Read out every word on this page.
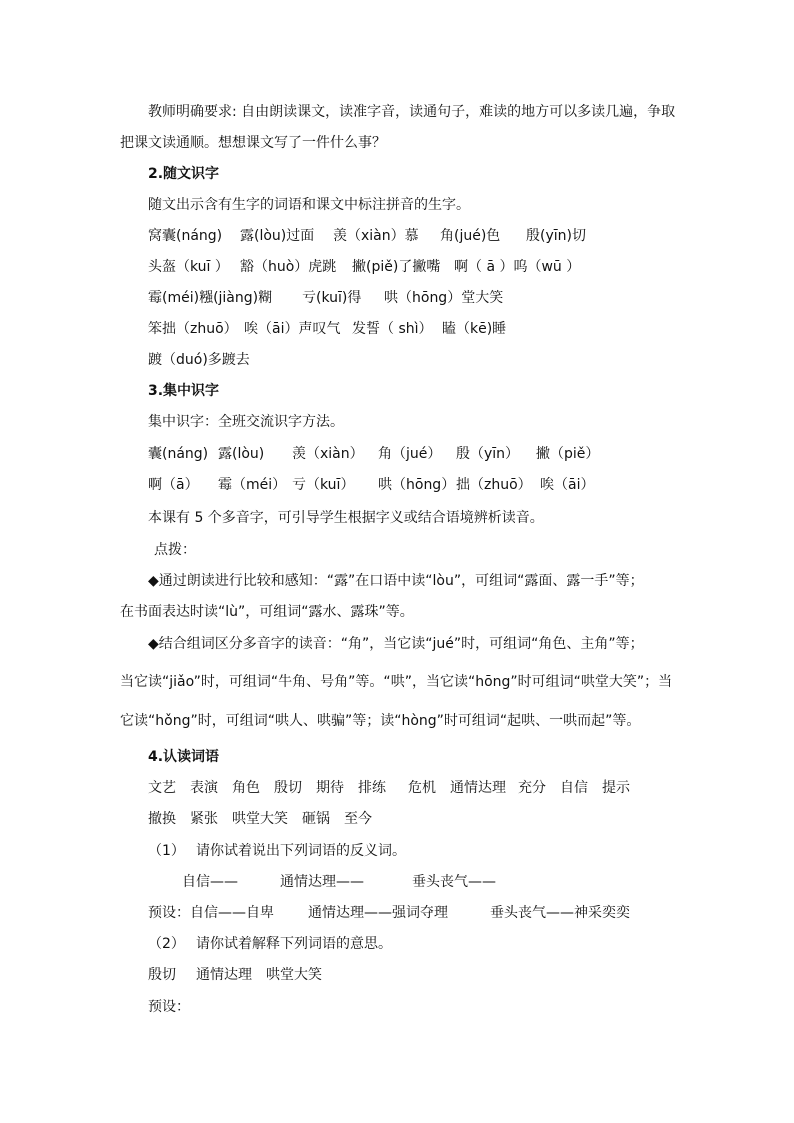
教师明确要求: 自由朗读课文，读准字音，读通句子，难读的地方可以多读几遍，争取
把课文读通顺。想想课文写了一件什么事？
2.随文识字
随文出示含有生字的词语和课文中标注拼音的生字。
窝囊(náng) 露(lòu)过面 羡（xiàn）慕 角(jué)色 殷(yīn)切
头盔（kuī ） 豁（huò）虎跳 撇(piě)了撇嘴 啊（ ā ）呜（wū ）
霉(méi)糨(jiàng)糊 亏(kuī)得 哄（hōng）堂大笑
笨拙（zhuō） 唉（āi）声叹气 发誓（ shì） 瞌（kē)睡
踱（duó)多踱去
3.集中识字
集中识字：全班交流识字方法。
囊(náng) 露(lòu) 羡（xiàn） 角（jué） 殷（yīn） 撇（piě）
啊（ā） 霉（méi） 亏（kuī） 哄（hōng） 拙（zhuō） 唉（āi）
本课有 5 个多音字，可引导学生根据字义或结合语境辨析读音。
点拨：
◆通过朗读进行比较和感知：“露”在口语中读“lòu”，可组词“露面、露一手”等；
在书面表达时读“lù”，可组词“露水、露珠”等。
◆结合组词区分多音字的读音：“角”，当它读“jué”时，可组词“角色、主角”等；
当它读“jiǎo”时，可组词“牛角、号角”等。“哄”，当它读“hōng”时可组词“哄堂大笑”；当
它读“hǒng”时，可组词“哄人、哄骗”等；读“hòng”时可组词“起哄、一哄而起”等。
4.认读词语
文艺 表演 角色 殷切 期待 排练 危机 通情达理 充分 自信 提示
撤换 紧张 哄堂大笑 砸锅 至今
（1） 请你试着说出下列词语的反义词。
自信——	通情达理——	垂头丧气——
预设：自信——自卑 通情达理——强词夺理	垂头丧气——神采奕奕
（2） 请你试着解释下列词语的意思。
殷切 通情达理 哄堂大笑
预设：
